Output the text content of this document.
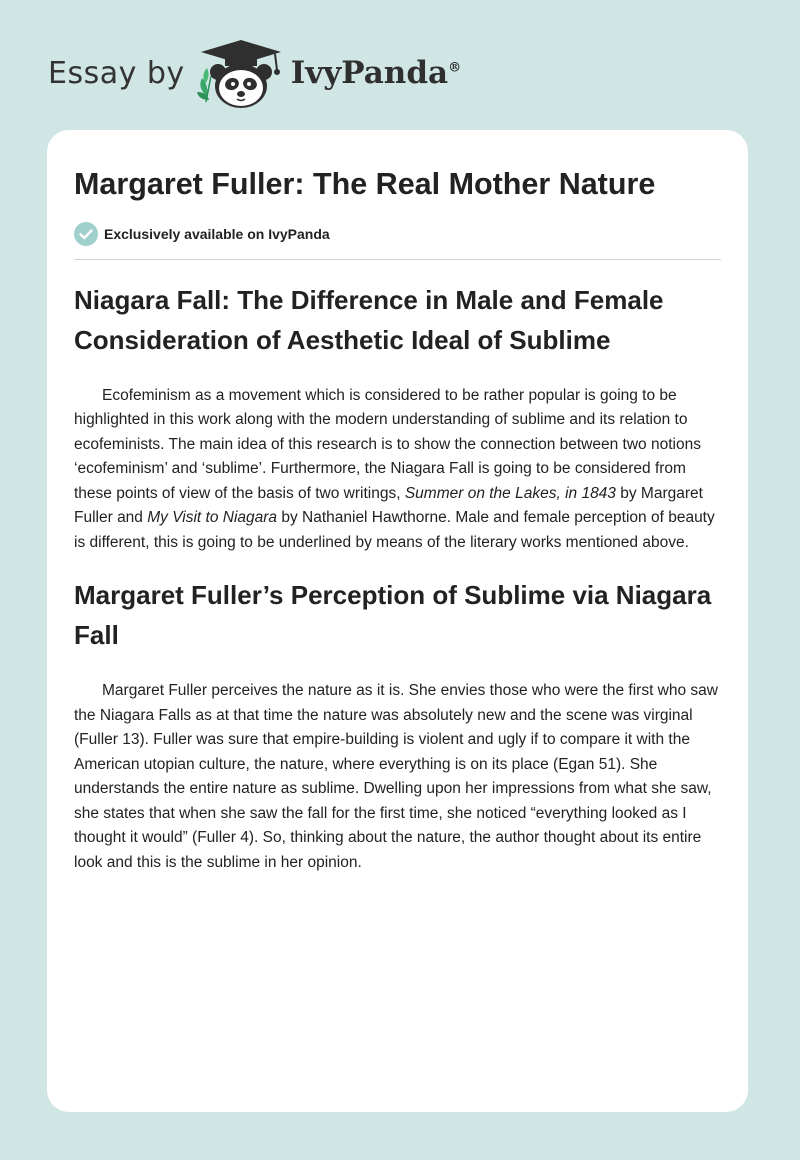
Essay by	IvyPanda®
Margaret Fuller: The Real Mother Nature
Exclusively available on IvyPanda
Niagara Fall: The Difference in Male and Female Consideration of Aesthetic Ideal of Sublime

Ecofeminism as a movement which is considered to be rather popular is going to be highlighted in this work along with the modern understanding of sublime and its relation to ecofeminists. The main idea of this research is to show the connection between two notions ‘ecofeminism’ and ‘sublime’. Furthermore, the Niagara Fall is going to be considered from these points of view of the basis of two writings, Summer on the Lakes, in 1843 by Margaret Fuller and My Visit to Niagara by Nathaniel Hawthorne. Male and female perception of beauty is different, this is going to be underlined by means of the literary works mentioned above.

Margaret Fuller’s Perception of Sublime via Niagara Fall

Margaret Fuller perceives the nature as it is. She envies those who were the first who saw the Niagara Falls as at that time the nature was absolutely new and the scene was virginal (Fuller 13). Fuller was sure that empire-building is violent and ugly if to compare it with the American utopian culture, the nature, where everything is on its place (Egan 51). She understands the entire nature as sublime. Dwelling upon her impressions from what she saw, she states that when she saw the fall for the first time, she noticed “everything looked as I thought it would” (Fuller 4). So, thinking about the nature, the author thought about its entire look and this is the sublime in her opinion.
